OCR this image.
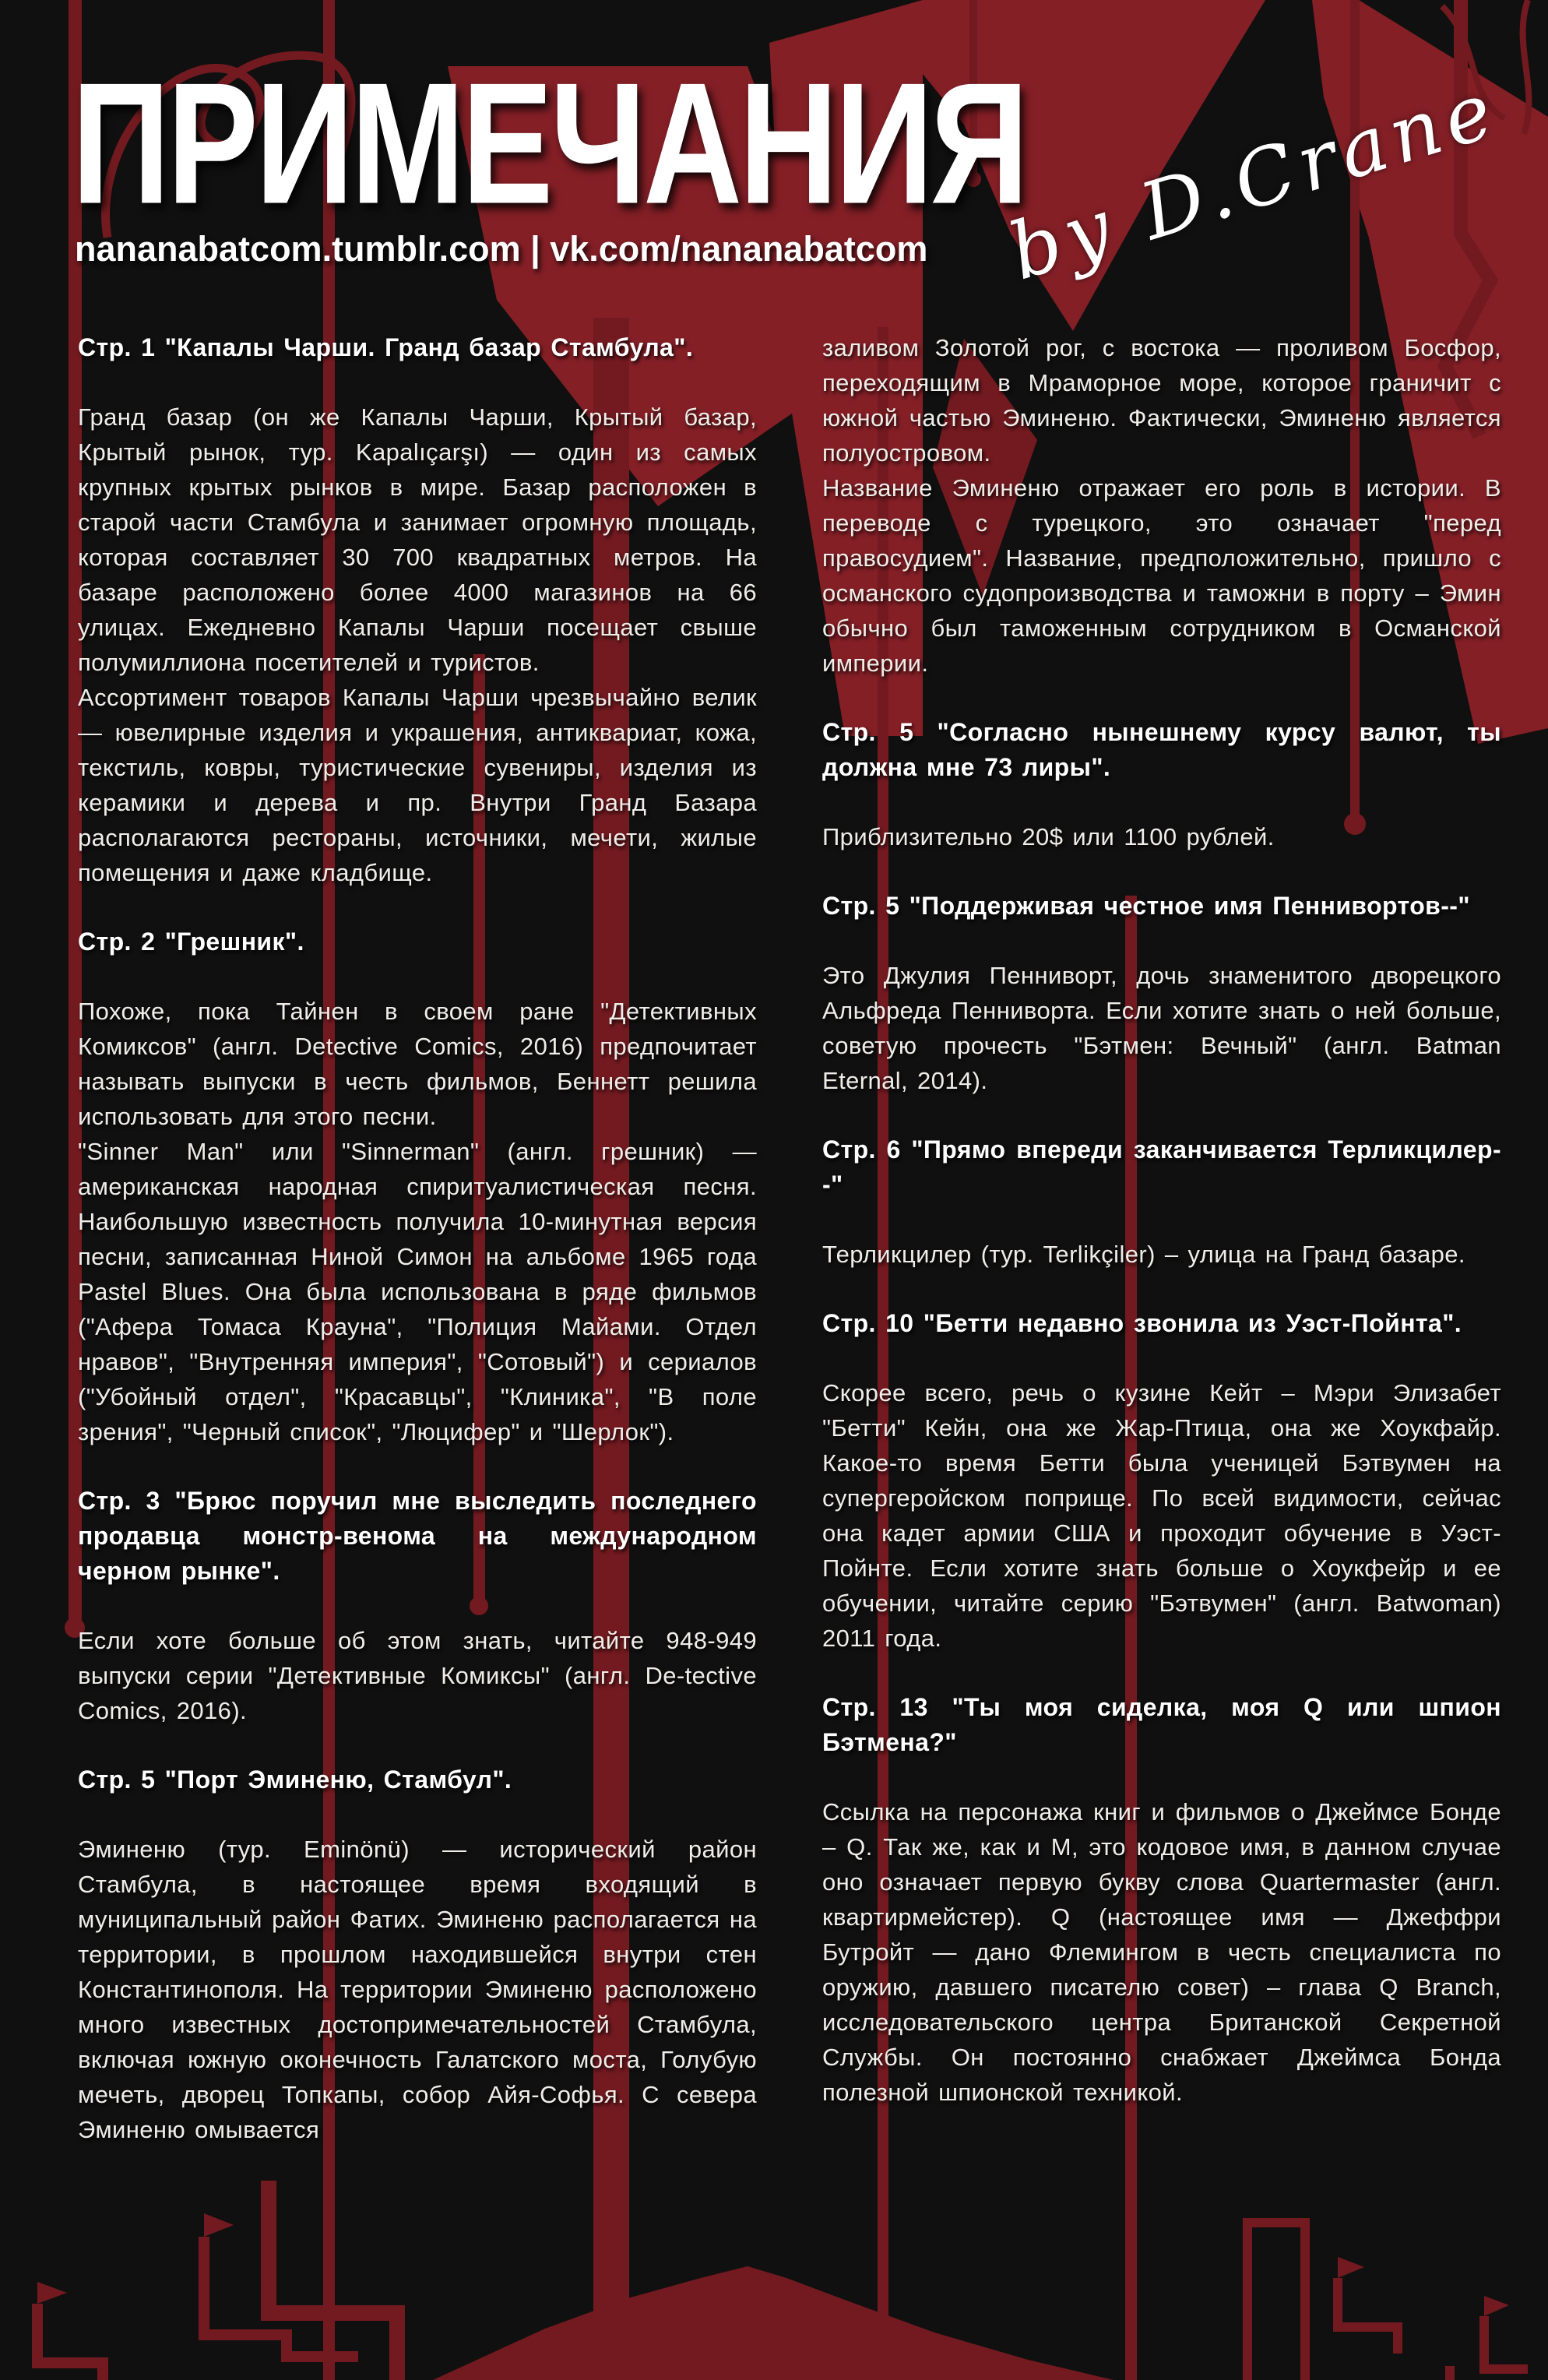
ПРИМЕЧАНИЯ
nananabatcom.tumblr.com | vk.com/nananabatcom by D.Crane
Стр. 1 "Капалы Чарши. Гранд базар Стамбула".
Гранд базар (он же Капалы Чарши, Крытый базар, Крытый рынок, тур. Kapalıçarşı) — один из самых крупных крытых рынков в мире. Базар расположен в старой части Стамбула и занимает огромную площадь, которая составляет 30 700 квадратных метров. На базаре расположено более 4000 магазинов на 66 улицах. Ежедневно Капалы Чарши посещает свыше полумиллиона посетителей и туристов.
Ассортимент товаров Капалы Чарши чрезвычайно велик — ювелирные изделия и украшения, антиквариат, кожа, текстиль, ковры, туристические сувениры, изделия из керамики и дерева и пр. Внутри Гранд Базара располагаются рестораны, источники, мечети, жилые помещения и даже кладбище.
Стр. 2 "Грешник".
Похоже, пока Тайнен в своем ране "Детективных Комиксов" (англ. Detective Comics, 2016) предпочитает называть выпуски в честь фильмов, Беннетт решила использовать для этого песни.
"Sinner Man" или "Sinnerman" (англ. грешник) — американская народная спиритуалистическая песня. Наибольшую известность получила 10-минутная версия песни, записанная Ниной Симон на альбоме 1965 года Pastel Blues. Она была использована в ряде фильмов ("Афера Томаса Крауна", "Полиция Майами. Отдел нравов", "Внутренняя империя", "Сотовый") и сериалов ("Убойный отдел", "Красавцы", "Клиника", "В поле зрения", "Черный список", "Люцифер" и "Шерлок").
Стр. 3 "Брюс поручил мне выследить последнего продавца монстр-венома на международном черном рынке".
Если хоте больше об этом знать, читайте 948-949 выпуски серии "Детективные Комиксы" (англ. De-tective Comics, 2016).
Стр. 5 "Порт Эминеню, Стамбул".
Эминеню (тур. Eminönü) — исторический район Стамбула, в настоящее время входящий в муниципальный район Фатих. Эминеню располагается на территории, в прошлом находившейся внутри стен Константинополя. На территории Эминеню расположено много известных достопримечательностей Стамбула, включая южную оконечность Галатского моста, Голубую мечеть, дворец Топкапы, собор Айя-Софья. С севера Эминеню омывается
заливом Золотой рог, с востока — проливом Босфор, переходящим в Мраморное море, которое граничит с южной частью Эминеню. Фактически, Эминеню является полуостровом.
Название Эминеню отражает его роль в истории. В переводе с турецкого, это означает "перед правосудием". Название, предположительно, пришло с османского судопроизводства и таможни в порту – Эмин обычно был таможенным сотрудником в Османской империи.
Стр. 5 "Согласно нынешнему курсу валют, ты должна мне 73 лиры".
Приблизительно 20$ или 1100 рублей.
Стр. 5 "Поддерживая честное имя Пеннивортов--"
Это Джулия Пенниворт, дочь знаменитого дворецкого Альфреда Пенниворта. Если хотите знать о ней больше, советую прочесть "Бэтмен: Вечный" (англ. Batman Eternal, 2014).
Стр. 6 "Прямо впереди заканчивается Терликцилер--"
Терликцилер (тур. Terlikçiler) – улица на Гранд базаре.
Стр. 10 "Бетти недавно звонила из Уэст-Пойнта".
Скорее всего, речь о кузине Кейт – Мэри Элизабет "Бетти" Кейн, она же Жар-Птица, она же Хоукфайр. Какое-то время Бетти была ученицей Бэтвумен на супергеройском поприще. По всей видимости, сейчас она кадет армии США и проходит обучение в Уэст-Пойнте. Если хотите знать больше о Хоукфейр и ее обучении, читайте серию "Бэтвумен" (англ. Batwoman) 2011 года.
Стр. 13 "Ты моя сиделка, моя Q или шпион Бэтмена?"
Ссылка на персонажа книг и фильмов о Джеймсе Бонде – Q. Так же, как и М, это кодовое имя, в данном случае оно означает первую букву слова Quartermaster (англ. квартирмейстер). Q (настоящее имя — Джеффри Бутройт — дано Флемингом в честь специалиста по оружию, давшего писателю совет) – глава Q Branch, исследовательского центра Британской Секретной Службы. Он постоянно снабжает Джеймса Бонда полезной шпионской техникой.
